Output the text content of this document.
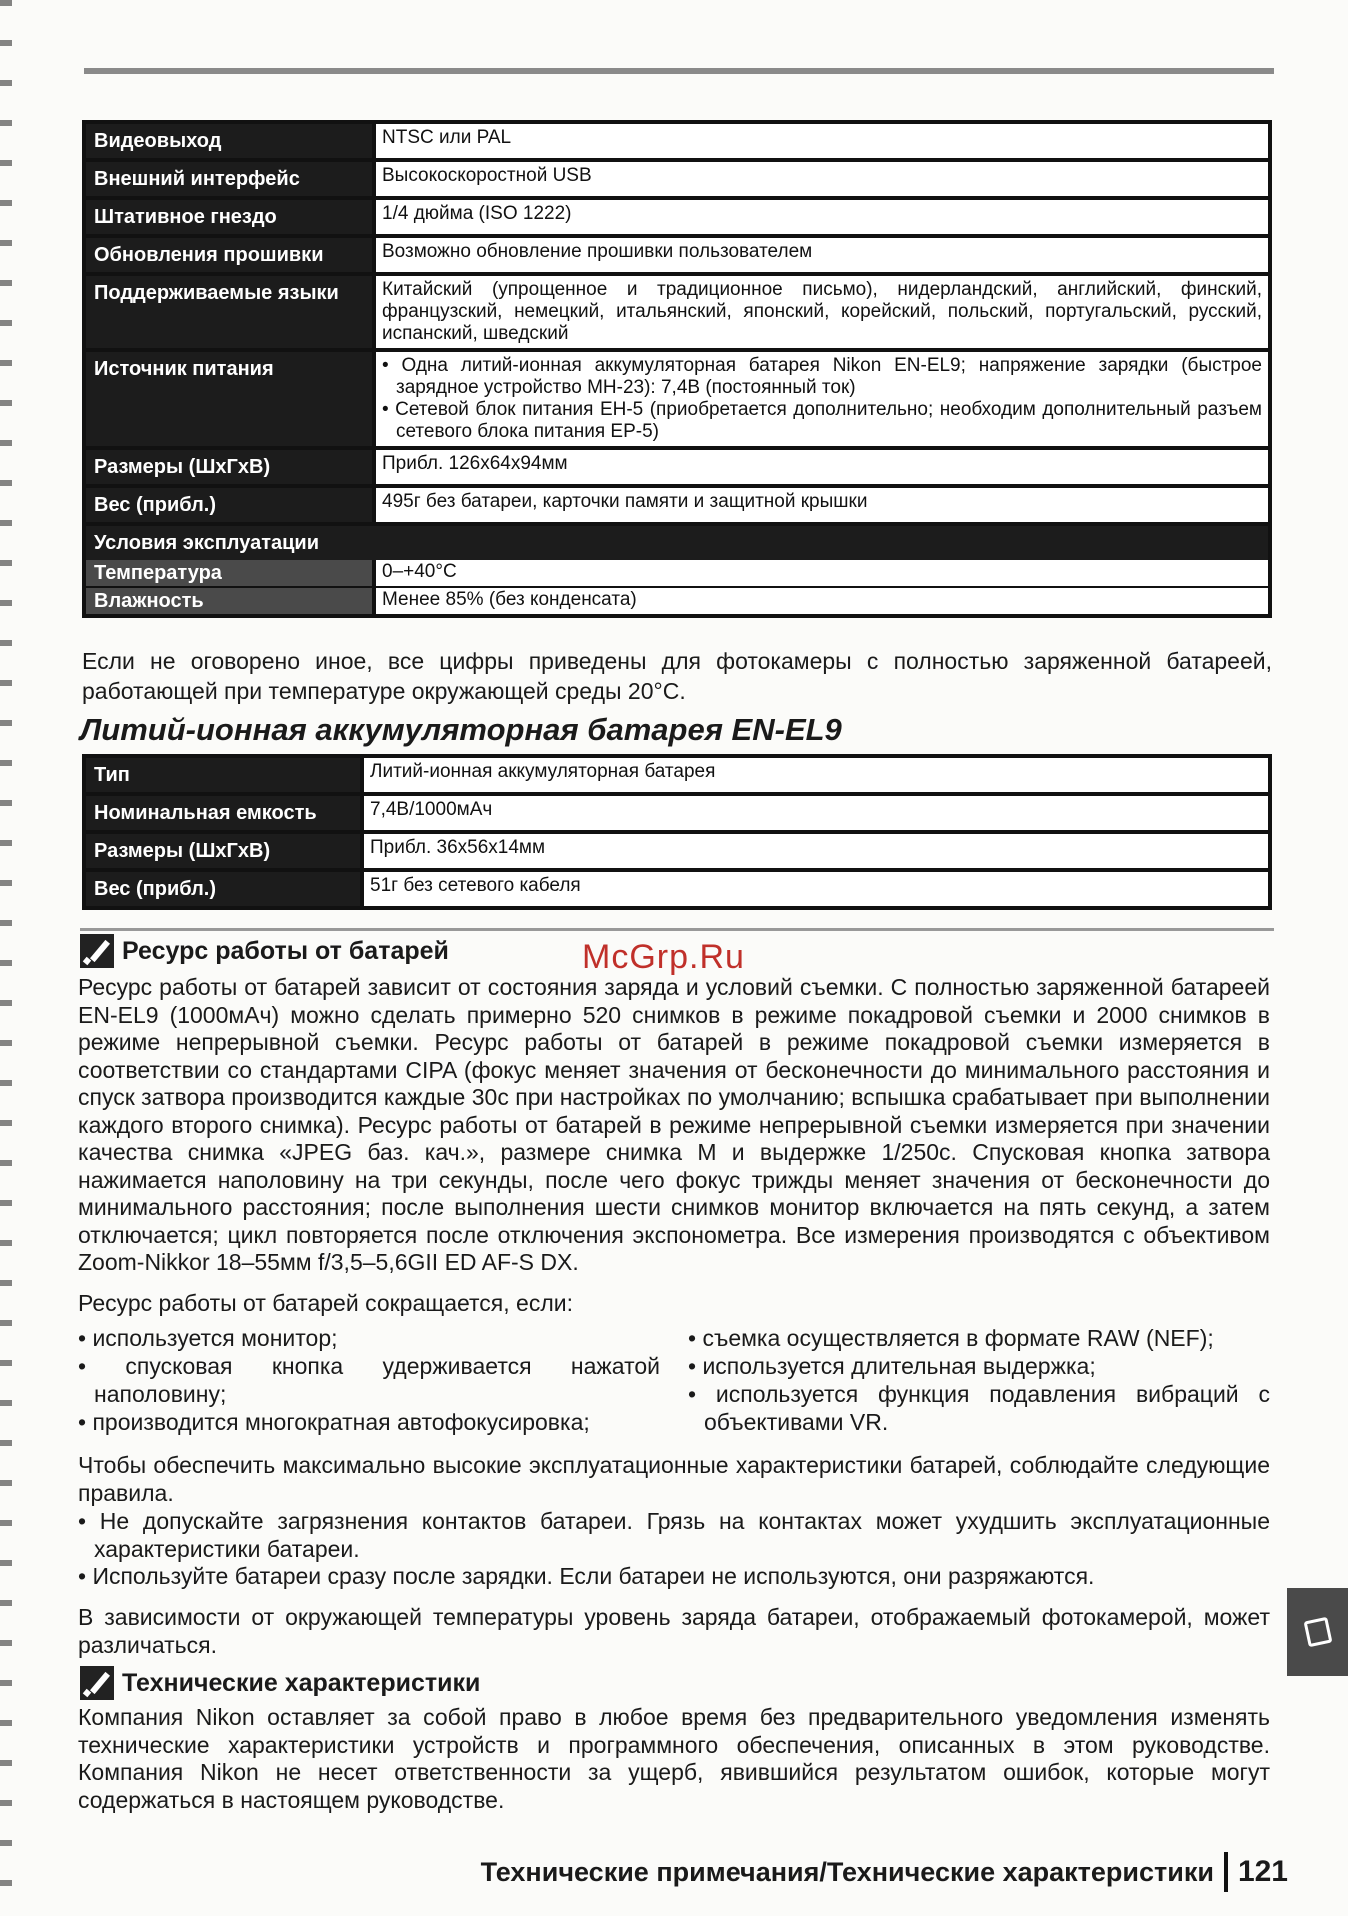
Видеовыход	NTSC или PAL
Внешний интерфейс	Высокоскоростной USB
Штативное гнездо	1/4 дюйма (ISO 1222)
Обновления прошивки	Возможно обновление прошивки пользователем
Поддерживаемые языки	Китайский (упрощенное и традиционное письмо), нидерландский, английский, финский, французский, немецкий, итальянский, японский, корейский, польский, португальский, русский, испанский, шведский
Источник питания	• Одна литий-ионная аккумуляторная батарея Nikon EN-EL9; напряжение зарядки (быстрое зарядное устройство MH-23): 7,4В (постоянный ток)
• Сетевой блок питания EH-5 (приобретается дополнительно; необходим дополнительный разъем сетевого блока питания EP-5)
Размеры (ШxГxВ)	Прибл. 126x64x94мм
Вес (прибл.)	495г без батареи, карточки памяти и защитной крышки
Условия эксплуатации
Температура	0–+40°C
Влажность	Менее 85% (без конденсата)

Если не оговорено иное, все цифры приведены для фотокамеры с полностью заряженной батареей, работающей при температуре окружающей среды 20°С.

Литий-ионная аккумуляторная батарея EN-EL9
Тип	Литий-ионная аккумуляторная батарея
Номинальная емкость	7,4В/1000мАч
Размеры (ШxГxВ)	Прибл. 36x56x14мм
Вес (прибл.)	51г без сетевого кабеля
McGrp.Ru
Ресурс работы от батарей

Ресурс работы от батарей зависит от состояния заряда и условий съемки. С полностью заряженной батареей EN-EL9 (1000мАч) можно сделать примерно 520 снимков в режиме покадровой съемки и 2000 снимков в режиме непрерывной съемки. Ресурс работы от батарей в режиме покадровой съемки измеряется в соответствии со стандартами CIPA (фокус меняет значения от бесконечности до минимального расстояния и спуск затвора производится каждые 30с при настройках по умолчанию; вспышка срабатывает при выполнении каждого второго снимка). Ресурс работы от батарей в режиме непрерывной съемки измеряется при значении качества снимка «JPEG баз. кач.», размере снимка M и выдержке 1/250с. Спусковая кнопка затвора нажимается наполовину на три секунды, после чего фокус трижды меняет значения от бесконечности до минимального расстояния; после выполнения шести снимков монитор включается на пять секунд, а затем отключается; цикл повторяется после отключения экспонометра. Все измерения производятся с объективом Zoom-Nikkor 18–55мм f/3,5–5,6GII ED AF-S DX.

Ресурс работы от батарей сокращается, если:

• используется монитор;
• спусковая кнопка удерживается нажатой наполовину;
• производится многократная автофокусировка;
• съемка осуществляется в формате RAW (NEF);
• используется длительная выдержка;
• используется функция подавления вибраций с объективами VR.

Чтобы обеспечить максимально высокие эксплуатационные характеристики батарей, соблюдайте следующие правила.

• Не допускайте загрязнения контактов батареи. Грязь на контактах может ухудшить эксплуатационные характеристики батареи.
• Используйте батареи сразу после зарядки. Если батареи не используются, они разряжаются.

В зависимости от окружающей температуры уровень заряда батареи, отображаемый фотокамерой, может различаться.

Технические характеристики

Компания Nikon оставляет за собой право в любое время без предварительного уведомления изменять технические характеристики устройств и программного обеспечения, описанных в этом руководстве. Компания Nikon не несет ответственности за ущерб, явившийся результатом ошибок, которые могут содержаться в настоящем руководстве.

Технические примечания/Технические характеристики 121
